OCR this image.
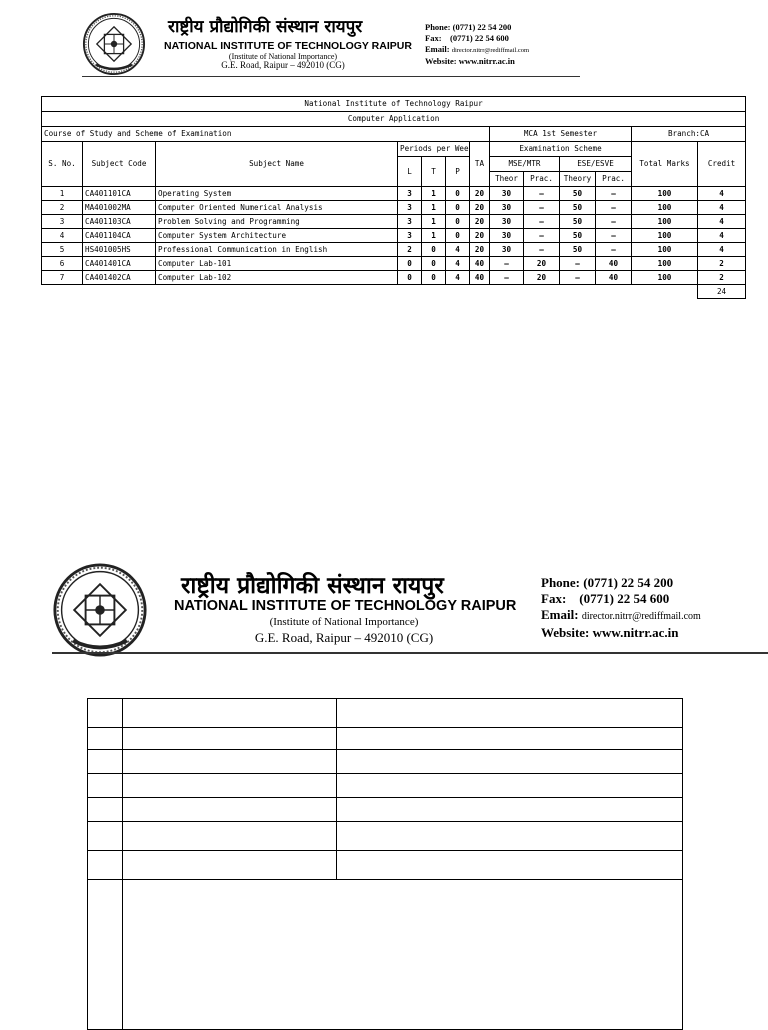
राष्ट्रीय प्रौद्योगिकी संस्थान रायपुर
NATIONAL INSTITUTE OF TECHNOLOGY RAIPUR
(Institute of National Importance)
G.E. Road, Raipur – 492010 (CG)
Phone: (0771) 22 54 200
Fax: (0771) 22 54 600
Email: director.nitrr@rediffmail.com
Website: www.nitrr.ac.in
National Institute of Technology Raipur												
Computer Application												
Course of Study and Scheme of Examination							MCA 1st Semester				Branch:CA	
S. No.	Subject Code	Subject Name	Periods per Wee			TA	Examination Scheme				Total Marks	Credit
			L	T	P		MSE/MTR		ESE/ESVE			
							Theor	Prac.	Theory	Prac.		
1	CA401101CA	Operating System	3	1	0	20	30	–	50	–	100	4
2	MA401002MA	Computer Oriented Numerical Analysis	3	1	0	20	30	–	50	–	100	4
3	CA401103CA	Problem Solving and Programming	3	1	0	20	30	–	50	–	100	4
4	CA401104CA	Computer System Architecture	3	1	0	20	30	–	50	–	100	4
5	HS401005HS	Professional Communication in English	2	0	4	20	30	–	50	–	100	4
6	CA401401CA	Computer Lab-101	0	0	4	40	–	20	–	40	100	2
7	CA401402CA	Computer Lab-102	0	0	4	40	–	20	–	40	100	2
												24
राष्ट्रीय प्रौद्योगिकी संस्थान रायपुर
NATIONAL INSTITUTE OF TECHNOLOGY RAIPUR
(Institute of National Importance)
G.E. Road, Raipur – 492010 (CG)
Phone: (0771) 22 54 200
Fax: (0771) 22 54 600
Email: director.nitrr@rediffmail.com
Website: www.nitrr.ac.in
